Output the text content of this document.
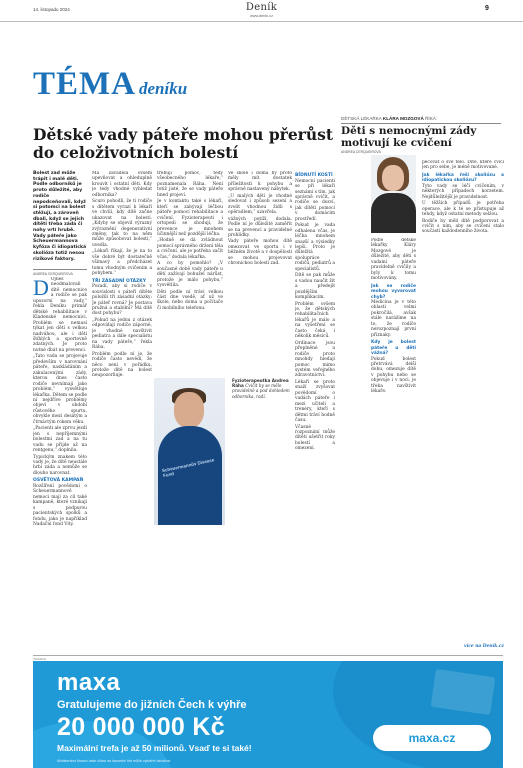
14. listopadu 2024	Deník
www.denik.cz
9
TÉMA deníku
Dětské vady páteře mohou přerůst do celoživotních bolestí
Bolest zad může trápit i malé děti. Podle odborníků je proto důležité, aby rodiče nepodceňovali, když si potomci na bolest stěžují, a zároveň dbali, když se jejich dítěti třeba záda či nohy vrtí hrubě. Vady páteře jako Scheuermannova kyfóza či idiopatická skolióza totiž nesou rizikové faktory.
ANDREA CERQUEIROVÁ

D Ojnes neodmalovali dítě nemocnice a rodiče se pak upozorní na vady,“ řekla Deníku primář dětské rehabilitace v Kladenské nemocnici. Problém se nemusí týkat jen dětí s velkou nadváhou, ale i dětí štíhlých a sportovně zdatných. Je proto nutné dbát na prevenci.

„Tato vada se projevuje především v narovnání páteře, naskládáním a zakulacenými zády, kterou dnes často rodiče nevnímají jako problém,“ vysvětluje lékařka. Dětem se podle ní nejdříve problémy objeví v období růstového spurtu, obvykle mezi desátým a čtrnáctým rokem věku.

„Pacienti ale zprvu jezdí jen s nepříjemnými bolestmi zad a na tu vadu se přijde až na rentgenu,“ doplnila.

Typickým znakem této vady je, že dítě neustále hrbí záda a nemůže se dlouho narovnat.

OSVĚTOVÁ KAMPAŇ

Rozšíření povědomí o Scheuermannově nemoci mají za cíl také kampaně, které vznikají s podporou pacientských spolků a fondu, jako je například Nadační fond Vity.

Má zaváděla ovšem upevňovat a ohleduplně krouvit i ostatní děti. Kdy je tedy vhodné vyhledat odborníka?

Scuro pohodlí, že ti rodiče s dítětem vyrazí k lékaři ve chvíli, kdy dítě začne ukazovat na bolesti. „Kdyby se objevil výrazný zvýraznění degenerativní změny, tak to na něm může způsobovat bolesti,“ uvedla.

„Lékaři říkají, že je na to vše dobré být dostatečně všímavý a předcházet tomu vhodným cvičením a pohybem.“

TŘI ZÁSADNÍ OTÁZKY

Pozadí, aby si rodiče v souvislosti s páteří dítěte položili tři zásadní otázky: Je páteř rovná? Je postava pružná a stabilní? Má dítě dost pohybu?

„Pokud na jednu z otázek odpovídají rodiče záporně, je vhodné navštívit pediatra a dále specialistu na vady páteře,“ řekla Ráha.

Problém podle ní je, že rodiče často nevědí, že něco není v pořádku, protože dítě na bolest neupozorňuje.

třebuji pomoc, tedy všeobecného lékaře,“ poznamenala Ráha. Není totiž jisté, že se vady páteře hned projeví.

Je v kontaktu také s lékaři, kteří se zabývají léčbou páteře pomocí rehabilitace a cvičení. Fyzioterapeuti i ortopedi se shodují, že prevence je mnohem účinnější než pozdější léčba.

„Hodně se dá zvládnout pomocí správného držení těla a cvičení, ale je potřeba začít včas,“ dodala lékařka.

A co by pomohlo? „V současné době vady páteře u dětí zažívají bohužel nárůst, protože je málo pohybu,“ vysvětlila.

Děti podle ní tráví velkou část dne vsedě, ať už ve škole, nebo doma u počítače či mobilního telefonu.

Ve škole i doma by proto měly mít dostatek příležitostí k pohybu a správně nastavený nábytek.

„U malých dětí je vhodné sledovat i způsob sezení a zvolit vhodnou židli s opěradlem,“ uzavřela.

vážných potíží, dodala. Podle ní je důležité zaměřit se na prevenci a pravidelné prohlídky.

Vady páteře mohou dítě omezovat ve sportu i v běžném životě a v dospělosti se mohou projevovat chronickou bolestí zad.

Scheuermannův Disease Fund
Fyzioterapeutka Andrea Ráha Cvičit by se mělo pravidelně a pod dohledem odborníka, radí.
BÍDNUTÍ KOSTÍ

Nemocní pacienti se při lékaři seznámí s tím, jak správně cvičit, a rodiče se dozví, jak dítěti pomoci v domácím prostředí.

Pokud je vada odhalena včas, je léčba mnohem snazší a výsledky lepší. Proto je důležitá spolupráce rodičů, pediatrů a specialistů.

Dítě se pak může s vadou naučit žít a předejít pozdějším komplikacím.

Problém ovšem je, že dětských rehabilitačních lékařů je málo a na vyšetření se často čeká i několik měsíců.

Ordinace jsou přeplněné a rodiče proto mnohdy hledají pomoc mimo systém veřejného zdravotnictví.

Lékaři se proto snaží zvyšovat povědomí o vadách páteře i mezi učiteli a trenéry, kteří s dětmi tráví hodně času.

Včasné rozpoznání může dítěti ušetřit roky bolestí a omezení.

DĚTSKÁ LÉKAŘKA KLÁRA MOZGOVÁ ŘÍKÁ:
Děti s nemocnými zády motivují ke cvičení
ANDREA CERQUEIROVÁ

Podle dětské lékařky Kláry Mozgové je důležité, aby děti s vadami páteře pravidelně cvičily a byly k tomu motivovány.

Jak se rodiče mohou vyvarovat chyb?

Medicína je v této oblasti velmi pokročilá, avšak stále narážíme na to, že rodiče nerozpoznají první příznaky.

Kdy je bolest páteře u dětí vážná?

Pokud bolest přetrvává delší dobu, omezuje dítě v pohybu nebo se objevuje i v noci, je třeba navštívit lékaře.

pečovat o své tělo. Dítě, které cvičí jen pro sebe, je méně motivované.

Jak lékařka řeší skoliózu a idiopatickou skoliózu?

Tyto vady se léčí cvičením, v některých případech korzetem. Nejdůležitější je pravidelnost.

U těžších případů je potřeba operace, ale k té se přistupuje až tehdy, když ostatní metody selžou.

Rodiče by měli dítě podporovat a cvičit s ním, aby se cvičení stalo součástí každodenního života.

více na Deník.cz
INZERCE
maxa
Gratulujeme do jižních Čech k výhře
20 000 000 Kč
Maximální trefa je až 50 milionů. Vsaď te si také!
maxa.cz
Ministerstvo financí vaše účast na hazardní hře může vytvářet závislost
